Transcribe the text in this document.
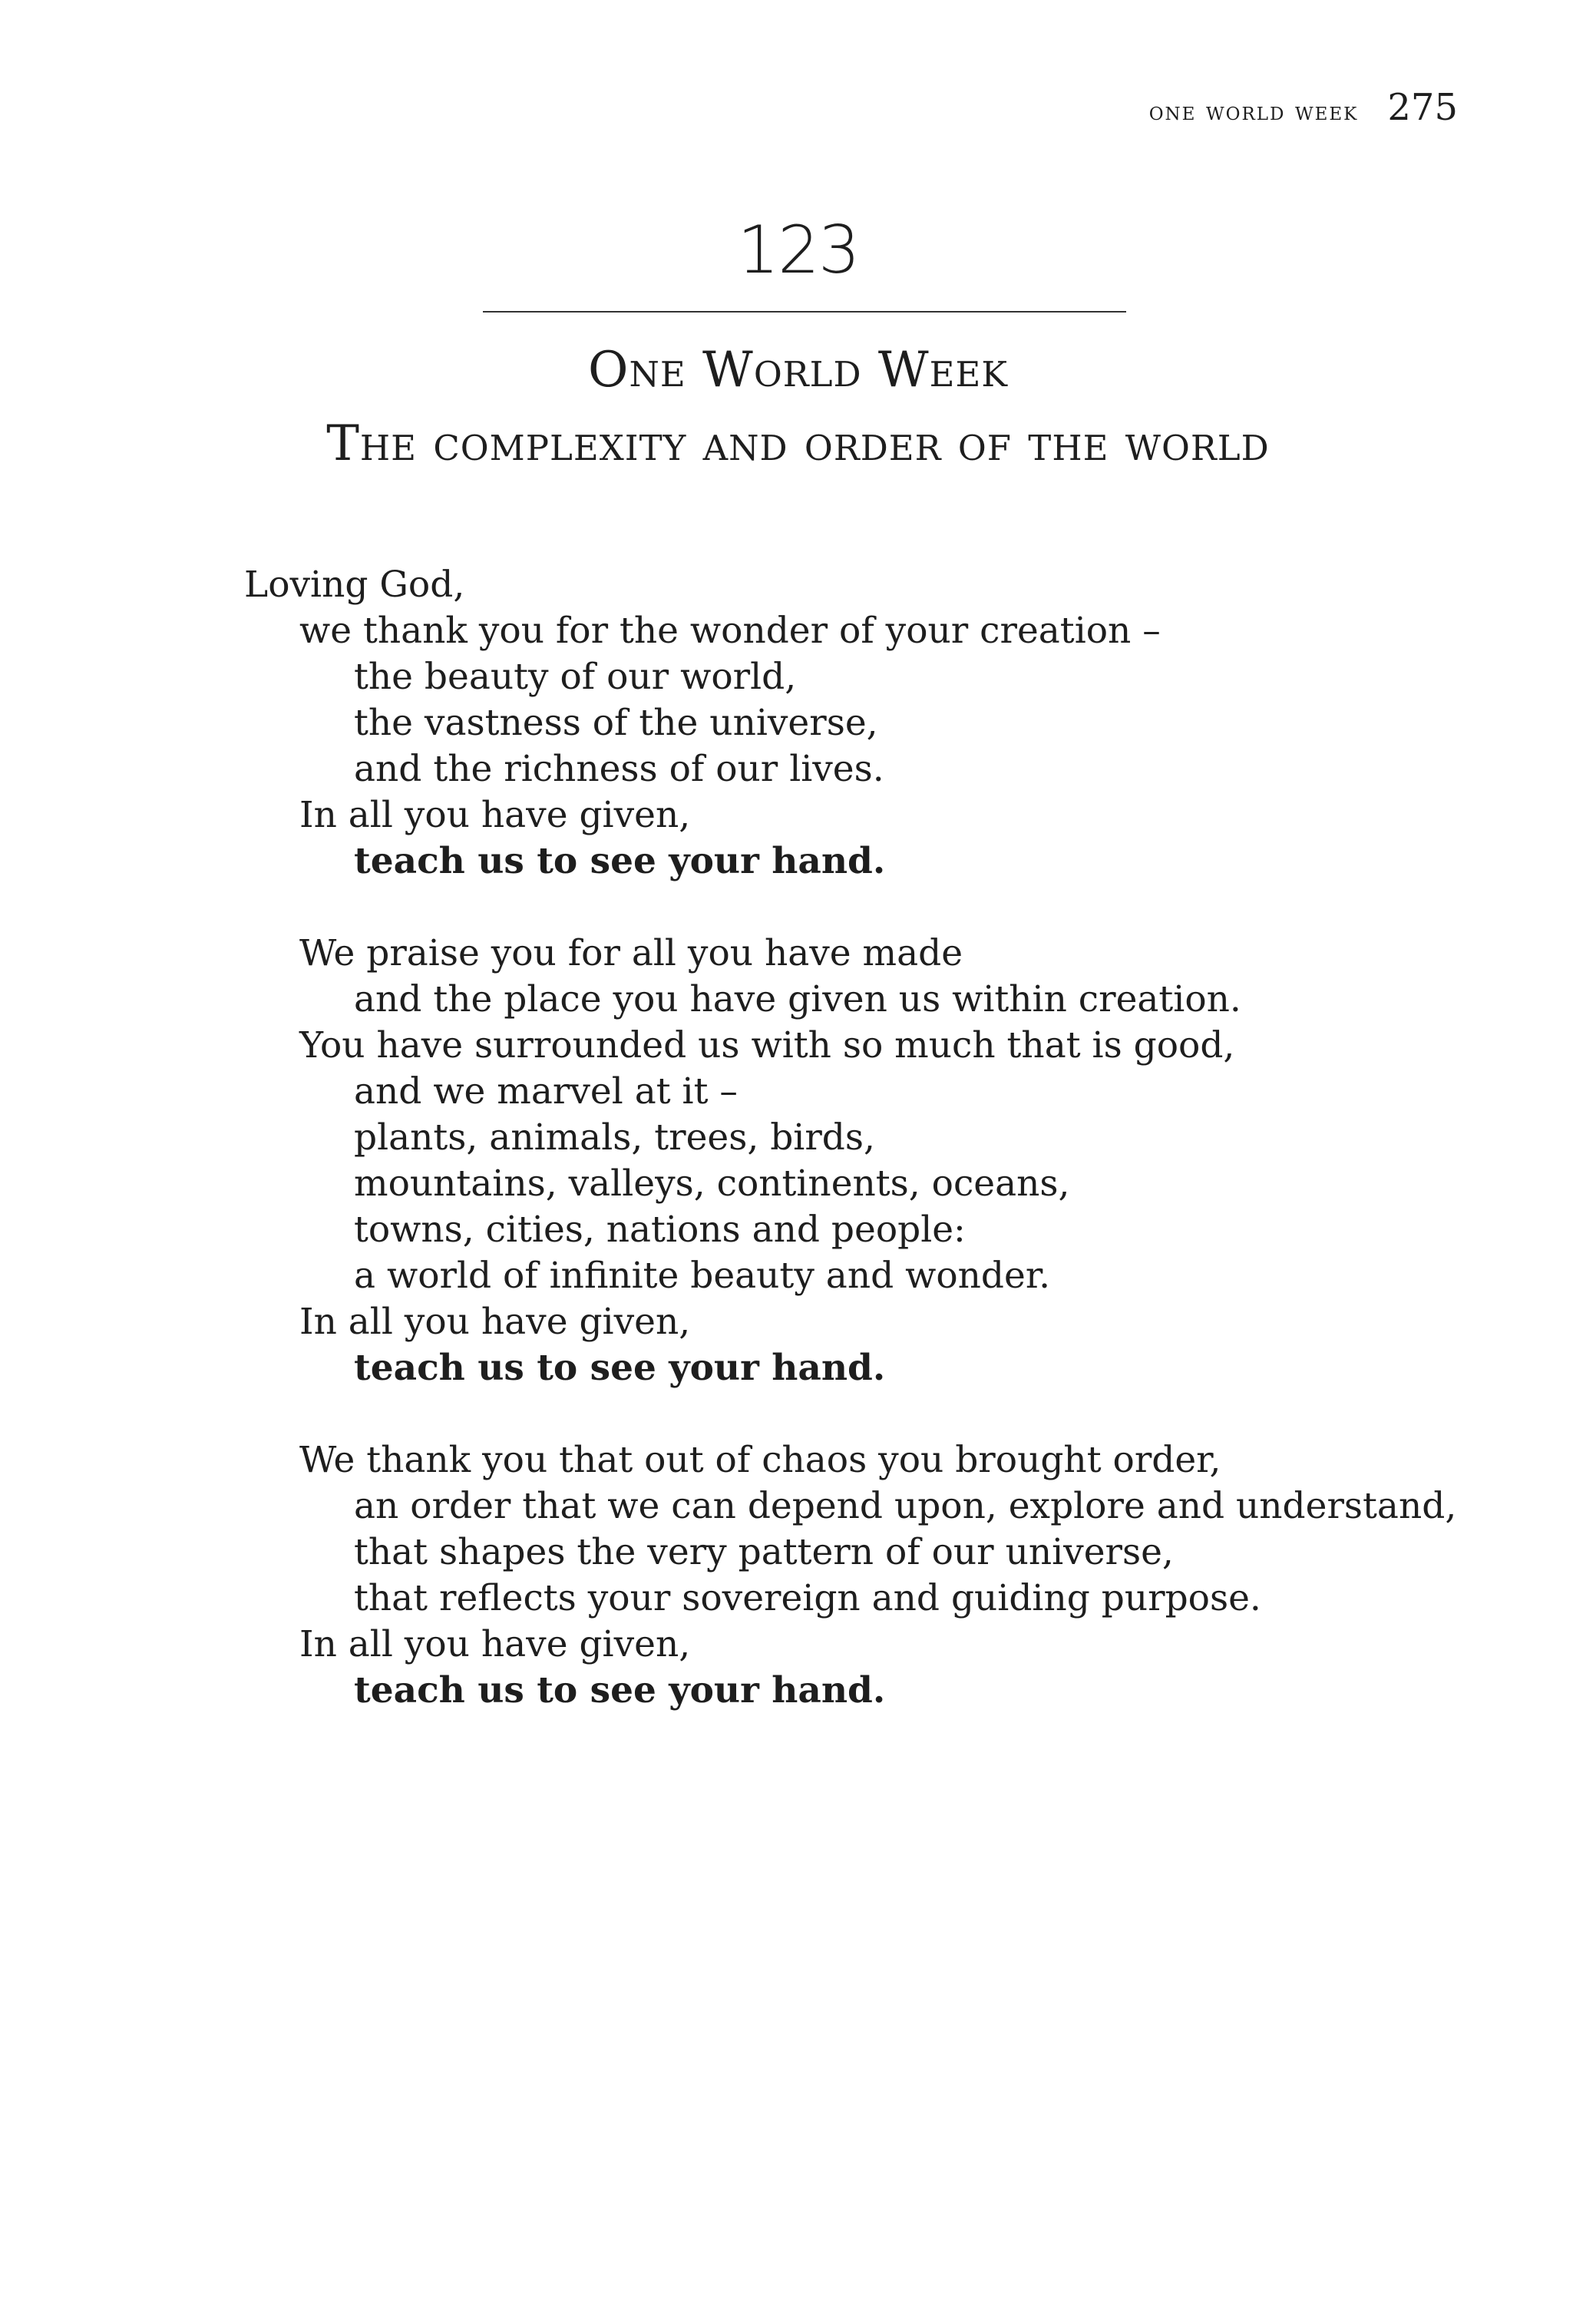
one world week 275
123
One World Week
The complexity and order of the world
Loving God,
we thank you for the wonder of your creation –
the beauty of our world,
the vastness of the universe,
and the richness of our lives.
In all you have given,
teach us to see your hand.
We praise you for all you have made
and the place you have given us within creation.
You have surrounded us with so much that is good,
and we marvel at it –
plants, animals, trees, birds,
mountains, valleys, continents, oceans,
towns, cities, nations and people:
a world of infinite beauty and wonder.
In all you have given,
teach us to see your hand.
We thank you that out of chaos you brought order,
an order that we can depend upon, explore and understand,
that shapes the very pattern of our universe,
that reflects your sovereign and guiding purpose.
In all you have given,
teach us to see your hand.
